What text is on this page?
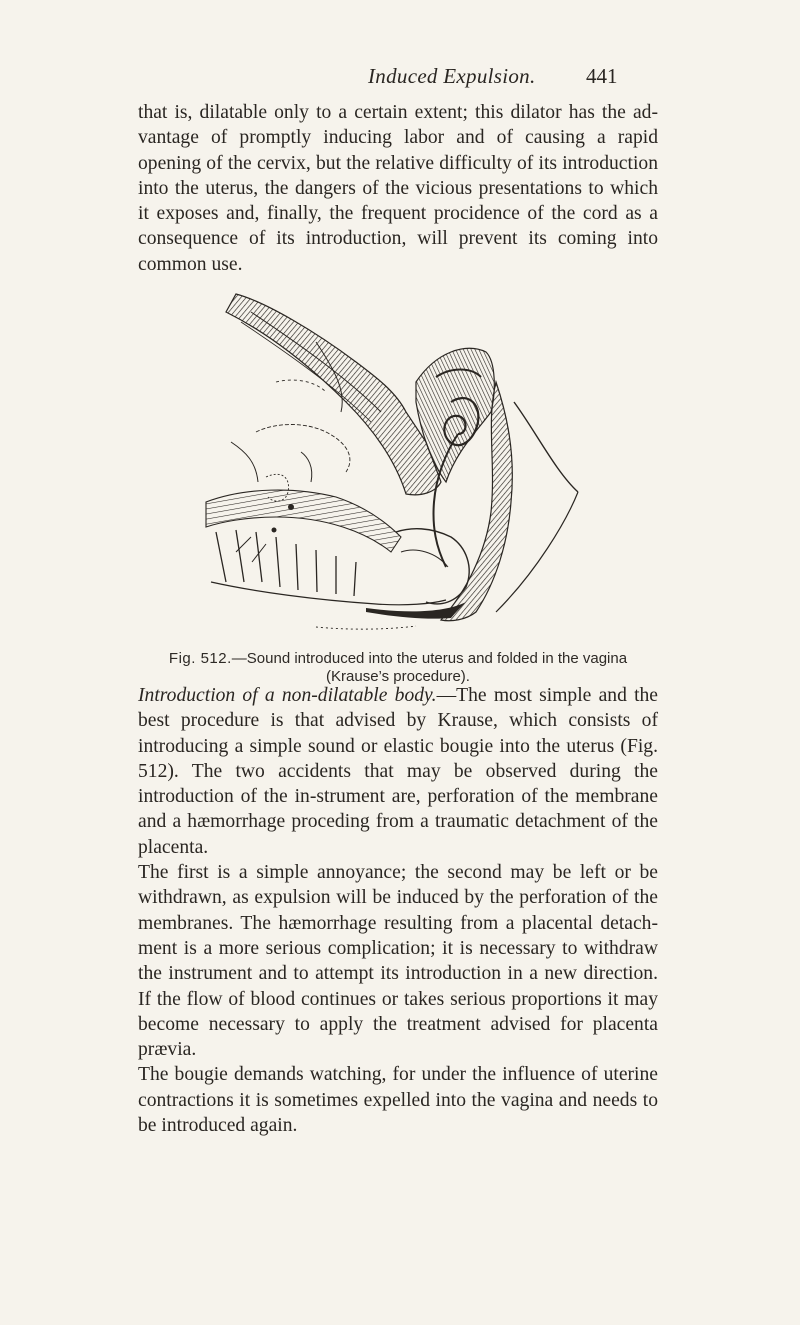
Induced Expulsion. 441

that is, dilatable only to a certain extent; this dilator has the ad-vantage of promptly inducing labor and of causing a rapid opening of the cervix, but the relative difficulty of its introduction into the uterus, the dangers of the vicious presentations to which it exposes and, finally, the frequent procidence of the cord as a consequence of its introduction, will prevent its coming into common use.

Fig. 512.—Sound introduced into the uterus and folded in the vagina (Krause’s procedure).

Introduction of a non-dilatable body.—The most simple and the best procedure is that advised by Krause, which consists of introducing a simple sound or elastic bougie into the uterus (Fig. 512). The two accidents that may be observed during the introduction of the in-strument are, perforation of the membrane and a hæmorrhage proceding from a traumatic detachment of the placenta.

The first is a simple annoyance; the second may be left or be withdrawn, as expulsion will be induced by the perforation of the membranes. The hæmorrhage resulting from a placental detach-ment is a more serious complication; it is necessary to withdraw the instrument and to attempt its introduction in a new direction. If the flow of blood continues or takes serious proportions it may become necessary to apply the treatment advised for placenta prævia.

The bougie demands watching, for under the influence of uterine contractions it is sometimes expelled into the vagina and needs to be introduced again.
